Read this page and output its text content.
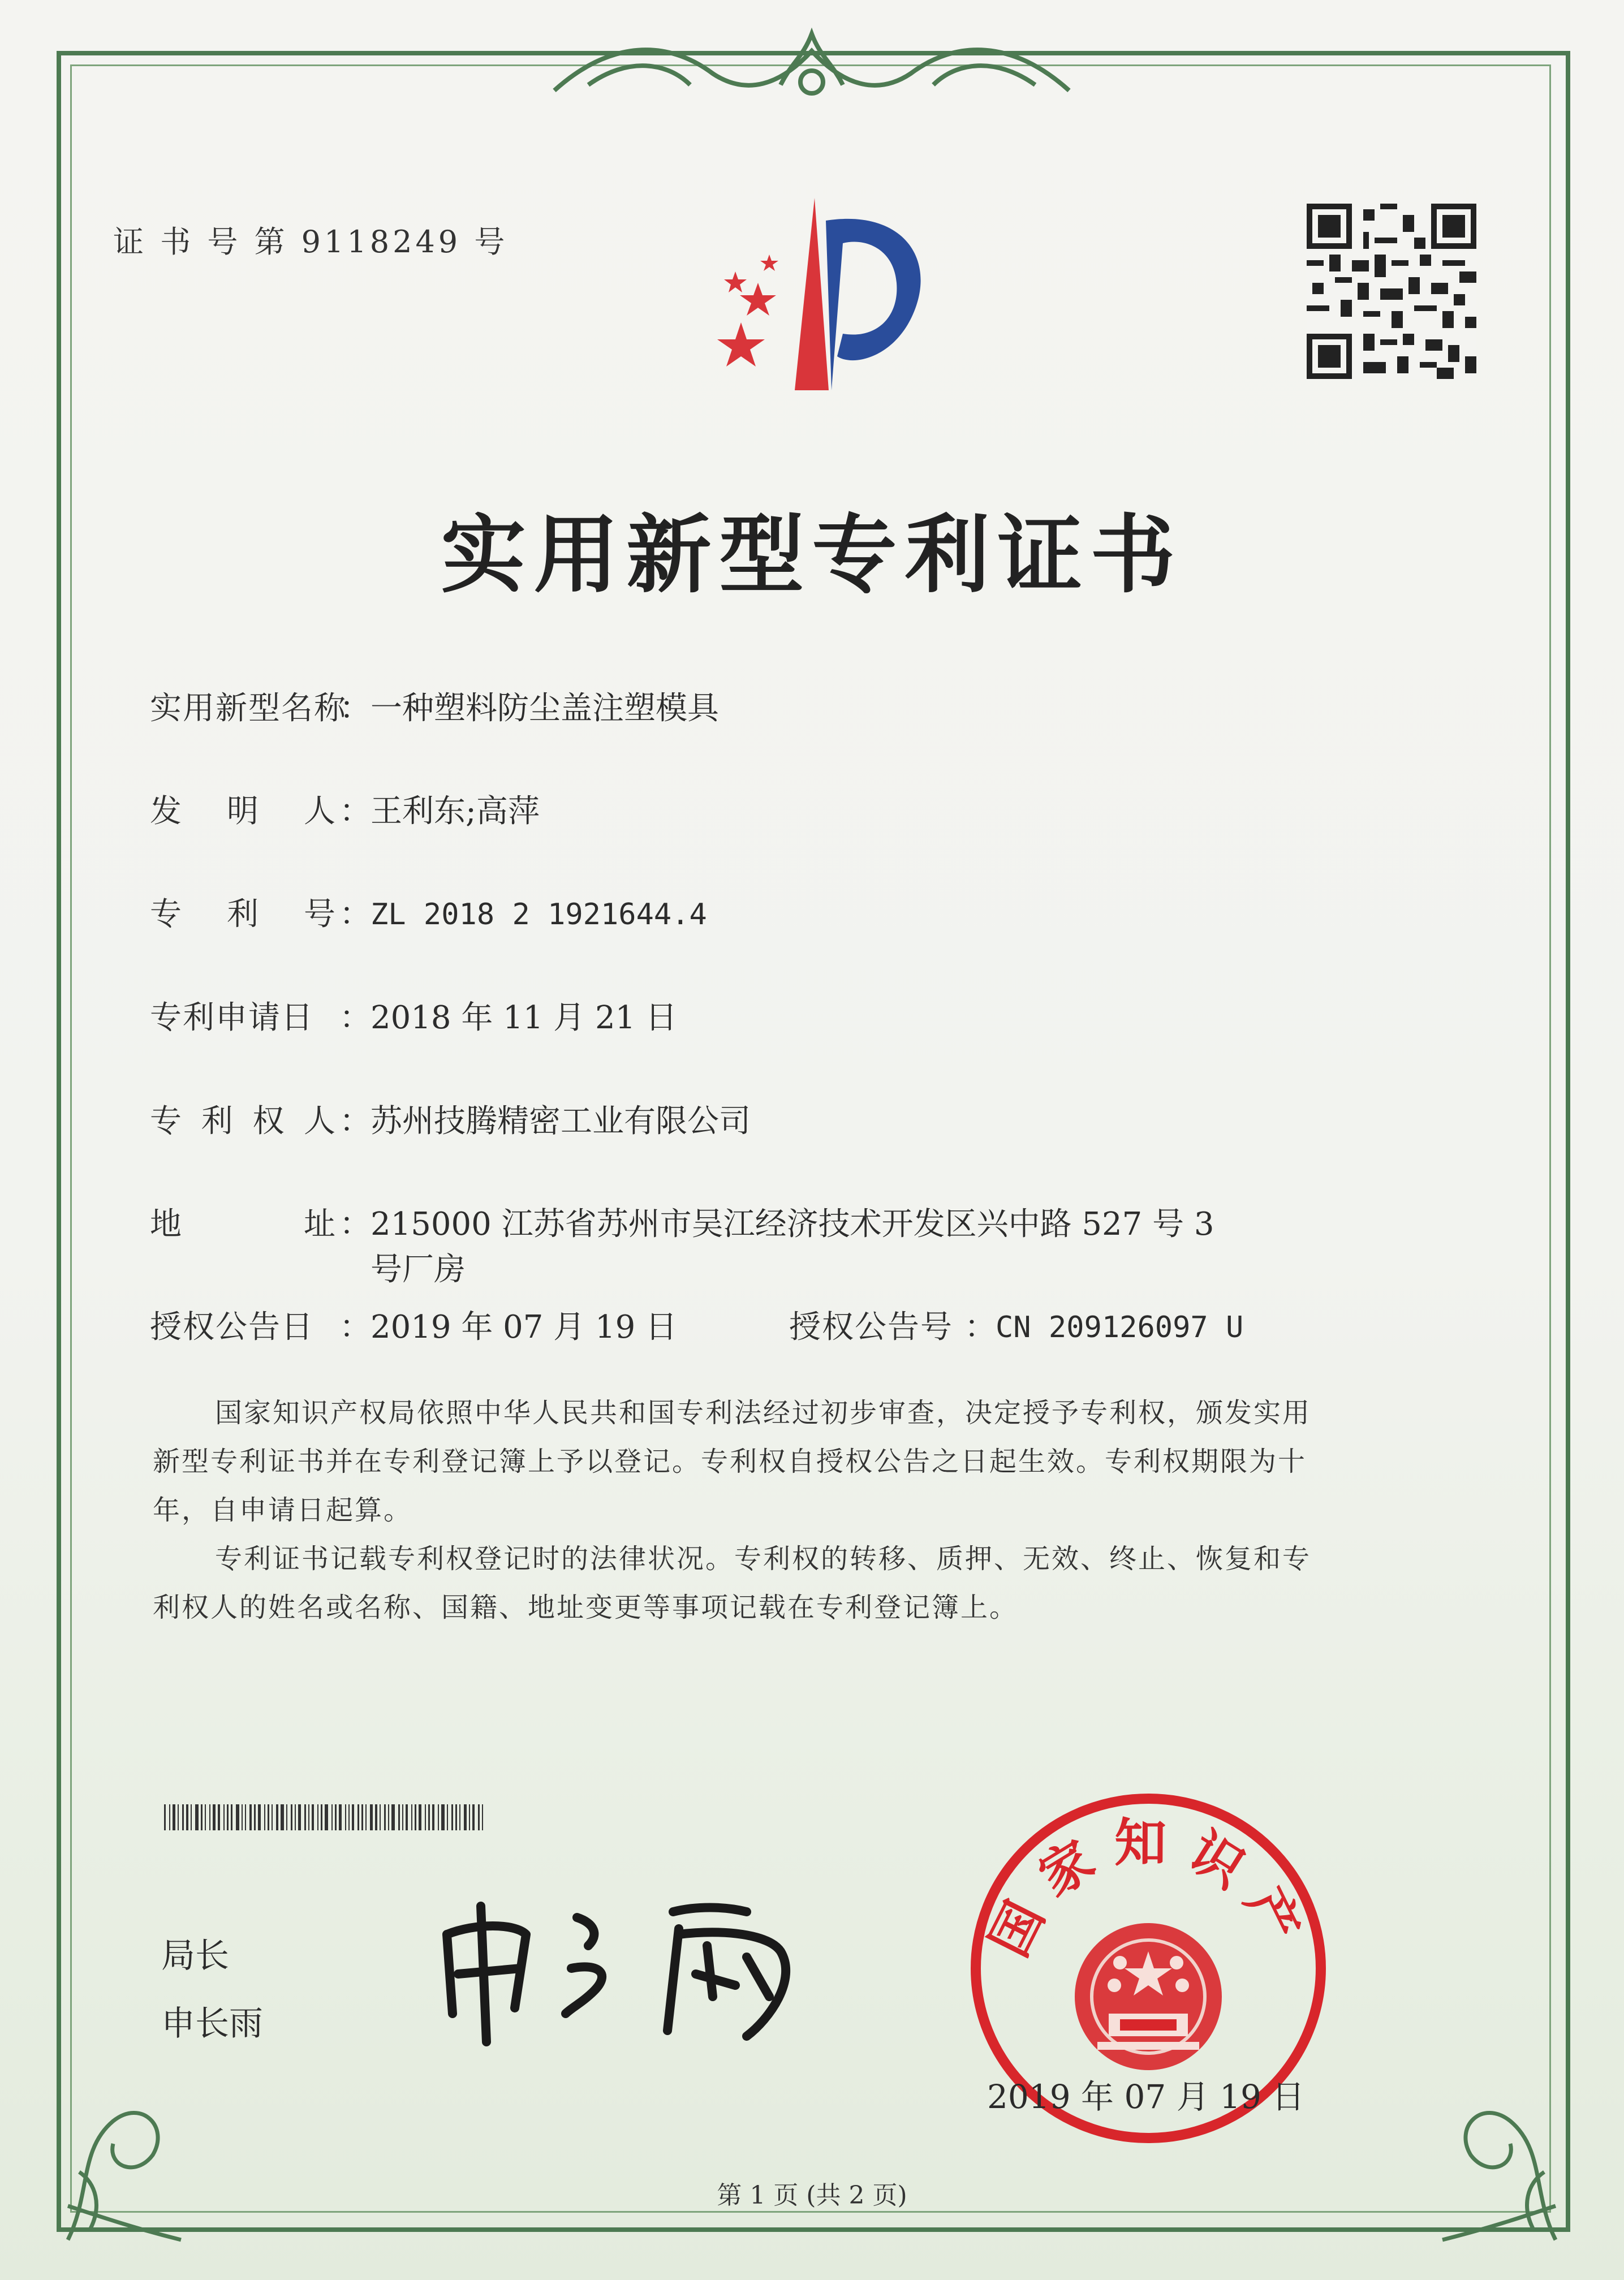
证 书 号 第 9118249 号
实用新型专利证书
实用新型名称
： 一种塑料防尘盖注塑模具
发 明 人 ： 王利东;高萍
专 利 号 ： ZL 2018 2 1921644.4
专利申请日 ： 2018 年 11 月 21 日
专 利 权 人 ： 苏州技腾精密工业有限公司
地	址 ： 215000 江苏省苏州市吴江经济技术开发区兴中路 527 号 3
号厂房
授权公告日 ： 2019 年 07 月 19 日	授权公告号 ： CN 209126097 U
国家知识产权局依照中华人民共和国专利法经过初步审查，决定授予专利权，颁发实用
新型专利证书并在专利登记簿上予以登记。专利权自授权公告之日起生效。专利权期限为十
年，自申请日起算。
专利证书记载专利权登记时的法律状况。专利权的转移、质押、无效、终止、恢复和专
利权人的姓名或名称、国籍、地址变更等事项记载在专利登记簿上。
局长
申长雨
国家知识产
2019 年 07 月 19 日
第 1 页 (共 2 页)
